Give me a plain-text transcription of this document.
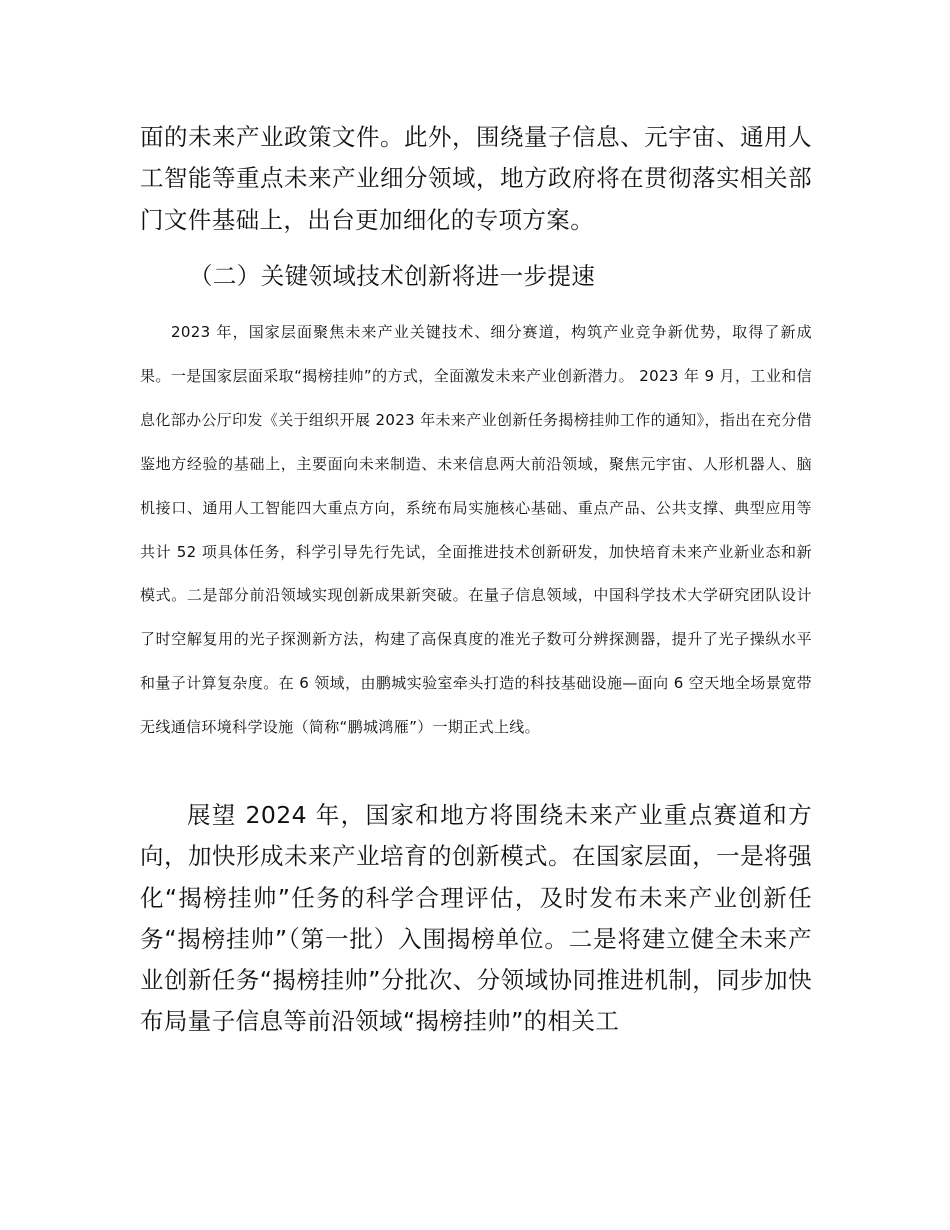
面的未来产业政策文件。此外，围绕量子信息、元宇宙、通用人工智能等重点未来产业细分领域，地方政府将在贯彻落实相关部门文件基础上，出台更加细化的专项方案。

（二）关键领域技术创新将进一步提速

2023 年，国家层面聚焦未来产业关键技术、细分赛道，构筑产业竞争新优势，取得了新成果。一是国家层面采取“揭榜挂帅”的方式，全面激发未来产业创新潜力。 2023 年 9 月，工业和信息化部办公厅印发《关于组织开展 2023 年未来产业创新任务揭榜挂帅工作的通知》，指出在充分借鉴地方经验的基础上，主要面向未来制造、未来信息两大前沿领域，聚焦元宇宙、人形机器人、脑机接口、通用人工智能四大重点方向，系统布局实施核心基础、重点产品、公共支撑、典型应用等共计 52 项具体任务，科学引导先行先试，全面推进技术创新研发，加快培育未来产业新业态和新模式。二是部分前沿领域实现创新成果新突破。在量子信息领域，中国科学技术大学研究团队设计了时空解复用的光子探测新方法，构建了高保真度的准光子数可分辨探测器，提升了光子操纵水平和量子计算复杂度。在 6 领域，由鹏城实验室牵头打造的科技基础设施—面向 6 空天地全场景宽带无线通信环境科学设施（简称“鹏城鸿雁”）一期正式上线。

展望 2024 年，国家和地方将围绕未来产业重点赛道和方向，加快形成未来产业培育的创新模式。在国家层面，一是将强化“揭榜挂帅”任务的科学合理评估，及时发布未来产业创新任务“揭榜挂帅”（第一批）入围揭榜单位。二是将建立健全未来产业创新任务“揭榜挂帅”分批次、分领域协同推进机制，同步加快布局量子信息等前沿领域“揭榜挂帅”的相关工
